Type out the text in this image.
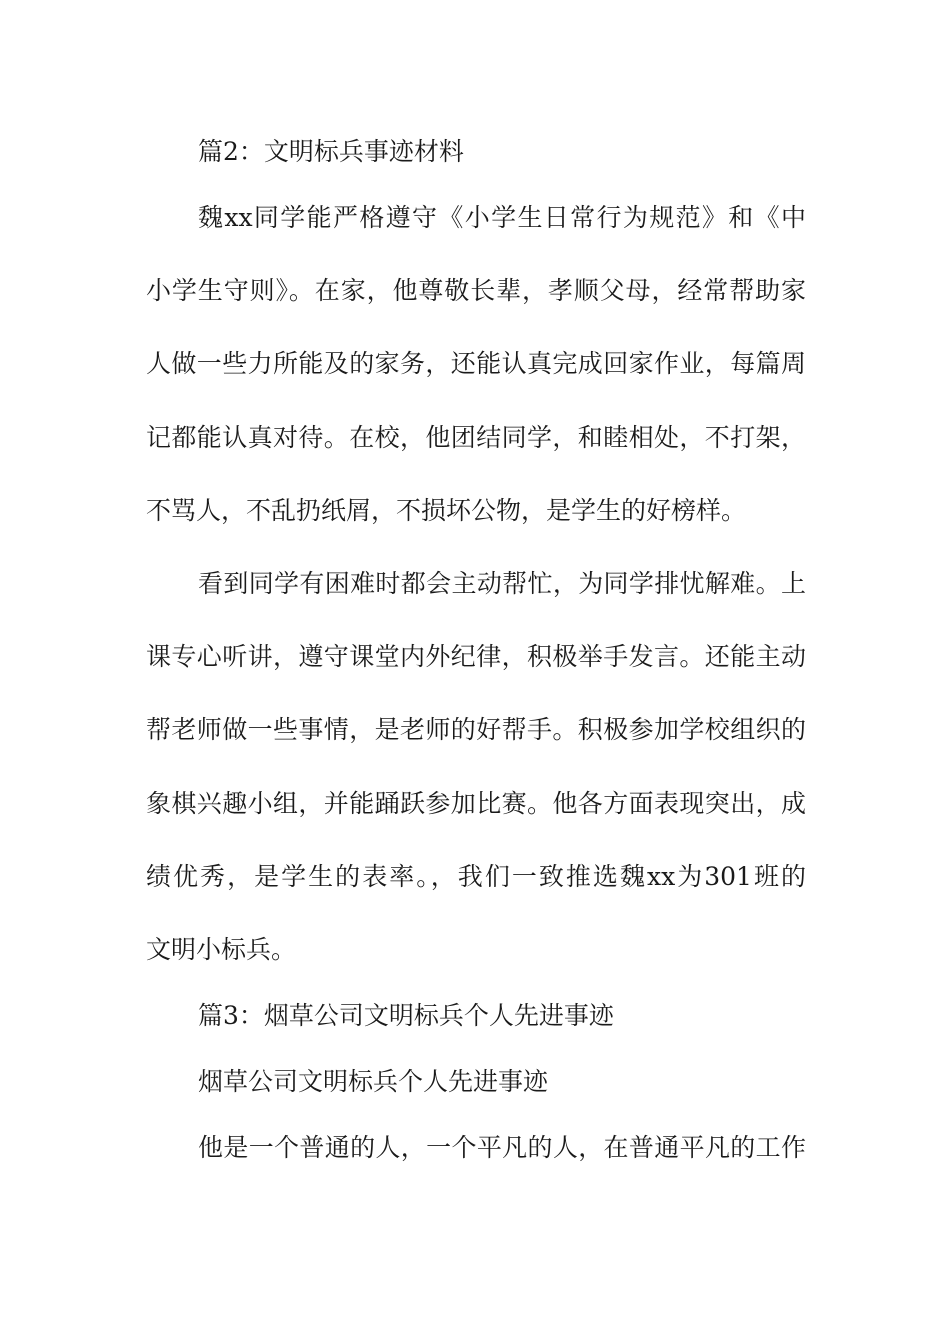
篇2：文明标兵事迹材料
魏xx同学能严格遵守《小学生日常行为规范》和《中
小学生守则》。在家，他尊敬长辈，孝顺父母，经常帮助家
人做一些力所能及的家务，还能认真完成回家作业，每篇周
记都能认真对待。在校，他团结同学，和睦相处，不打架，
不骂人，不乱扔纸屑，不损坏公物，是学生的好榜样。
看到同学有困难时都会主动帮忙，为同学排忧解难。上
课专心听讲，遵守课堂内外纪律，积极举手发言。还能主动
帮老师做一些事情，是老师的好帮手。积极参加学校组织的
象棋兴趣小组，并能踊跃参加比赛。他各方面表现突出，成
绩优秀，是学生的表率。，我们一致推选魏xx为301班的
文明小标兵。
篇3：烟草公司文明标兵个人先进事迹
烟草公司文明标兵个人先进事迹
他是一个普通的人，一个平凡的人，在普通平凡的工作
